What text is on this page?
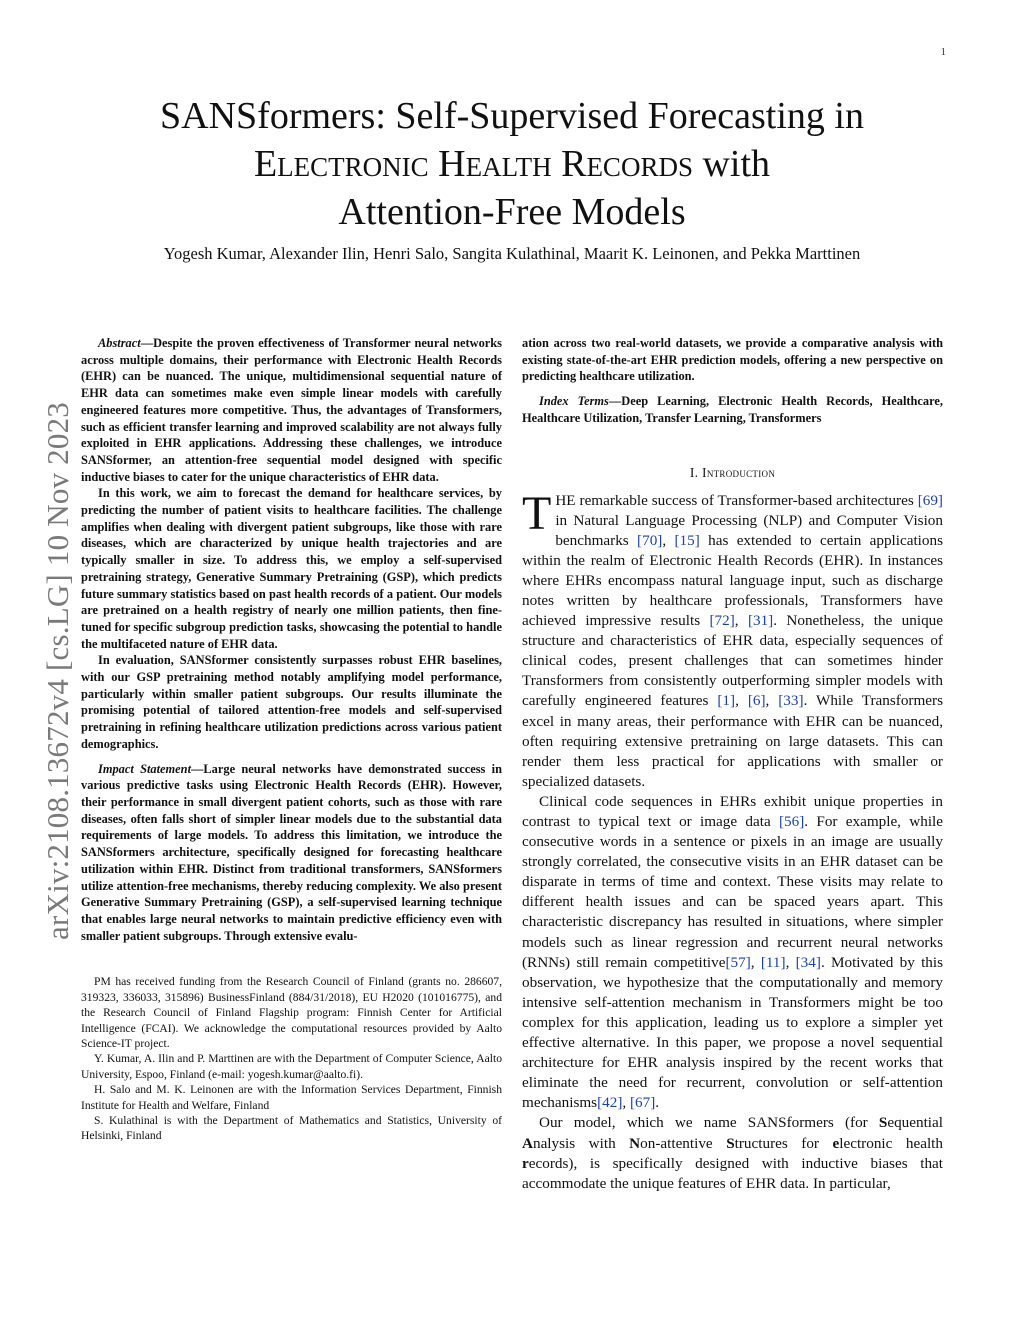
1
arXiv:2108.13672v4 [cs.LG] 10 Nov 2023
SANSformers: Self-Supervised Forecasting in
Electronic Health Records with
Attention-Free Models
Yogesh Kumar, Alexander Ilin, Henri Salo, Sangita Kulathinal, Maarit K. Leinonen, and Pekka Marttinen

Abstract—Despite the proven effectiveness of Transformer neural networks across multiple domains, their performance with Electronic Health Records (EHR) can be nuanced. The unique, multidimensional sequential nature of EHR data can sometimes make even simple linear models with carefully engineered features more competitive. Thus, the advantages of Transformers, such as efficient transfer learning and improved scalability are not always fully exploited in EHR applications. Addressing these challenges, we introduce SANSformer, an attention-free sequential model designed with specific inductive biases to cater for the unique characteristics of EHR data.

In this work, we aim to forecast the demand for healthcare services, by predicting the number of patient visits to healthcare facilities. The challenge amplifies when dealing with divergent patient subgroups, like those with rare diseases, which are characterized by unique health trajectories and are typically smaller in size. To address this, we employ a self-supervised pretraining strategy, Generative Summary Pretraining (GSP), which predicts future summary statistics based on past health records of a patient. Our models are pretrained on a health registry of nearly one million patients, then fine-tuned for specific subgroup prediction tasks, showcasing the potential to handle the multifaceted nature of EHR data.

In evaluation, SANSformer consistently surpasses robust EHR baselines, with our GSP pretraining method notably amplifying model performance, particularly within smaller patient subgroups. Our results illuminate the promising potential of tailored attention-free models and self-supervised pretraining in refining healthcare utilization predictions across various patient demographics.

Impact Statement—Large neural networks have demonstrated success in various predictive tasks using Electronic Health Records (EHR). However, their performance in small divergent patient cohorts, such as those with rare diseases, often falls short of simpler linear models due to the substantial data requirements of large models. To address this limitation, we introduce the SANSformers architecture, specifically designed for forecasting healthcare utilization within EHR. Distinct from traditional transformers, SANSformers utilize attention-free mechanisms, thereby reducing complexity. We also present Generative Summary Pretraining (GSP), a self-supervised learning technique that enables large neural networks to maintain predictive efficiency even with smaller patient subgroups. Through extensive evalu-

PM has received funding from the Research Council of Finland (grants no. 286607, 319323, 336033, 315896) BusinessFinland (884/31/2018), EU H2020 (101016775), and the Research Council of Finland Flagship program: Finnish Center for Artificial Intelligence (FCAI). We acknowledge the computational resources provided by Aalto Science-IT project.

Y. Kumar, A. Ilin and P. Marttinen are with the Department of Computer Science, Aalto University, Espoo, Finland (e-mail: yogesh.kumar@aalto.fi).

H. Salo and M. K. Leinonen are with the Information Services Department, Finnish Institute for Health and Welfare, Finland

S. Kulathinal is with the Department of Mathematics and Statistics, University of Helsinki, Finland

ation across two real-world datasets, we provide a comparative analysis with existing state-of-the-art EHR prediction models, offering a new perspective on predicting healthcare utilization.

Index Terms—Deep Learning, Electronic Health Records, Healthcare, Healthcare Utilization, Transfer Learning, Transformers

I. Introduction

THE remarkable success of Transformer-based architectures [69] in Natural Language Processing (NLP) and Computer Vision benchmarks [70], [15] has extended to certain applications within the realm of Electronic Health Records (EHR). In instances where EHRs encompass natural language input, such as discharge notes written by healthcare professionals, Transformers have achieved impressive results [72], [31]. Nonetheless, the unique structure and characteristics of EHR data, especially sequences of clinical codes, present challenges that can sometimes hinder Transformers from consistently outperforming simpler models with carefully engineered features [1], [6], [33]. While Transformers excel in many areas, their performance with EHR can be nuanced, often requiring extensive pretraining on large datasets. This can render them less practical for applications with smaller or specialized datasets.

Clinical code sequences in EHRs exhibit unique properties in contrast to typical text or image data [56]. For example, while consecutive words in a sentence or pixels in an image are usually strongly correlated, the consecutive visits in an EHR dataset can be disparate in terms of time and context. These visits may relate to different health issues and can be spaced years apart. This characteristic discrepancy has resulted in situations, where simpler models such as linear regression and recurrent neural networks (RNNs) still remain competitive[57], [11], [34]. Motivated by this observation, we hypothesize that the computationally and memory intensive self-attention mechanism in Transformers might be too complex for this application, leading us to explore a simpler yet effective alternative. In this paper, we propose a novel sequential architecture for EHR analysis inspired by the recent works that eliminate the need for recurrent, convolution or self-attention mechanisms[42], [67].

Our model, which we name SANSformers (for Sequential Analysis with Non-attentive Structures for electronic health records), is specifically designed with inductive biases that accommodate the unique features of EHR data. In particular,
